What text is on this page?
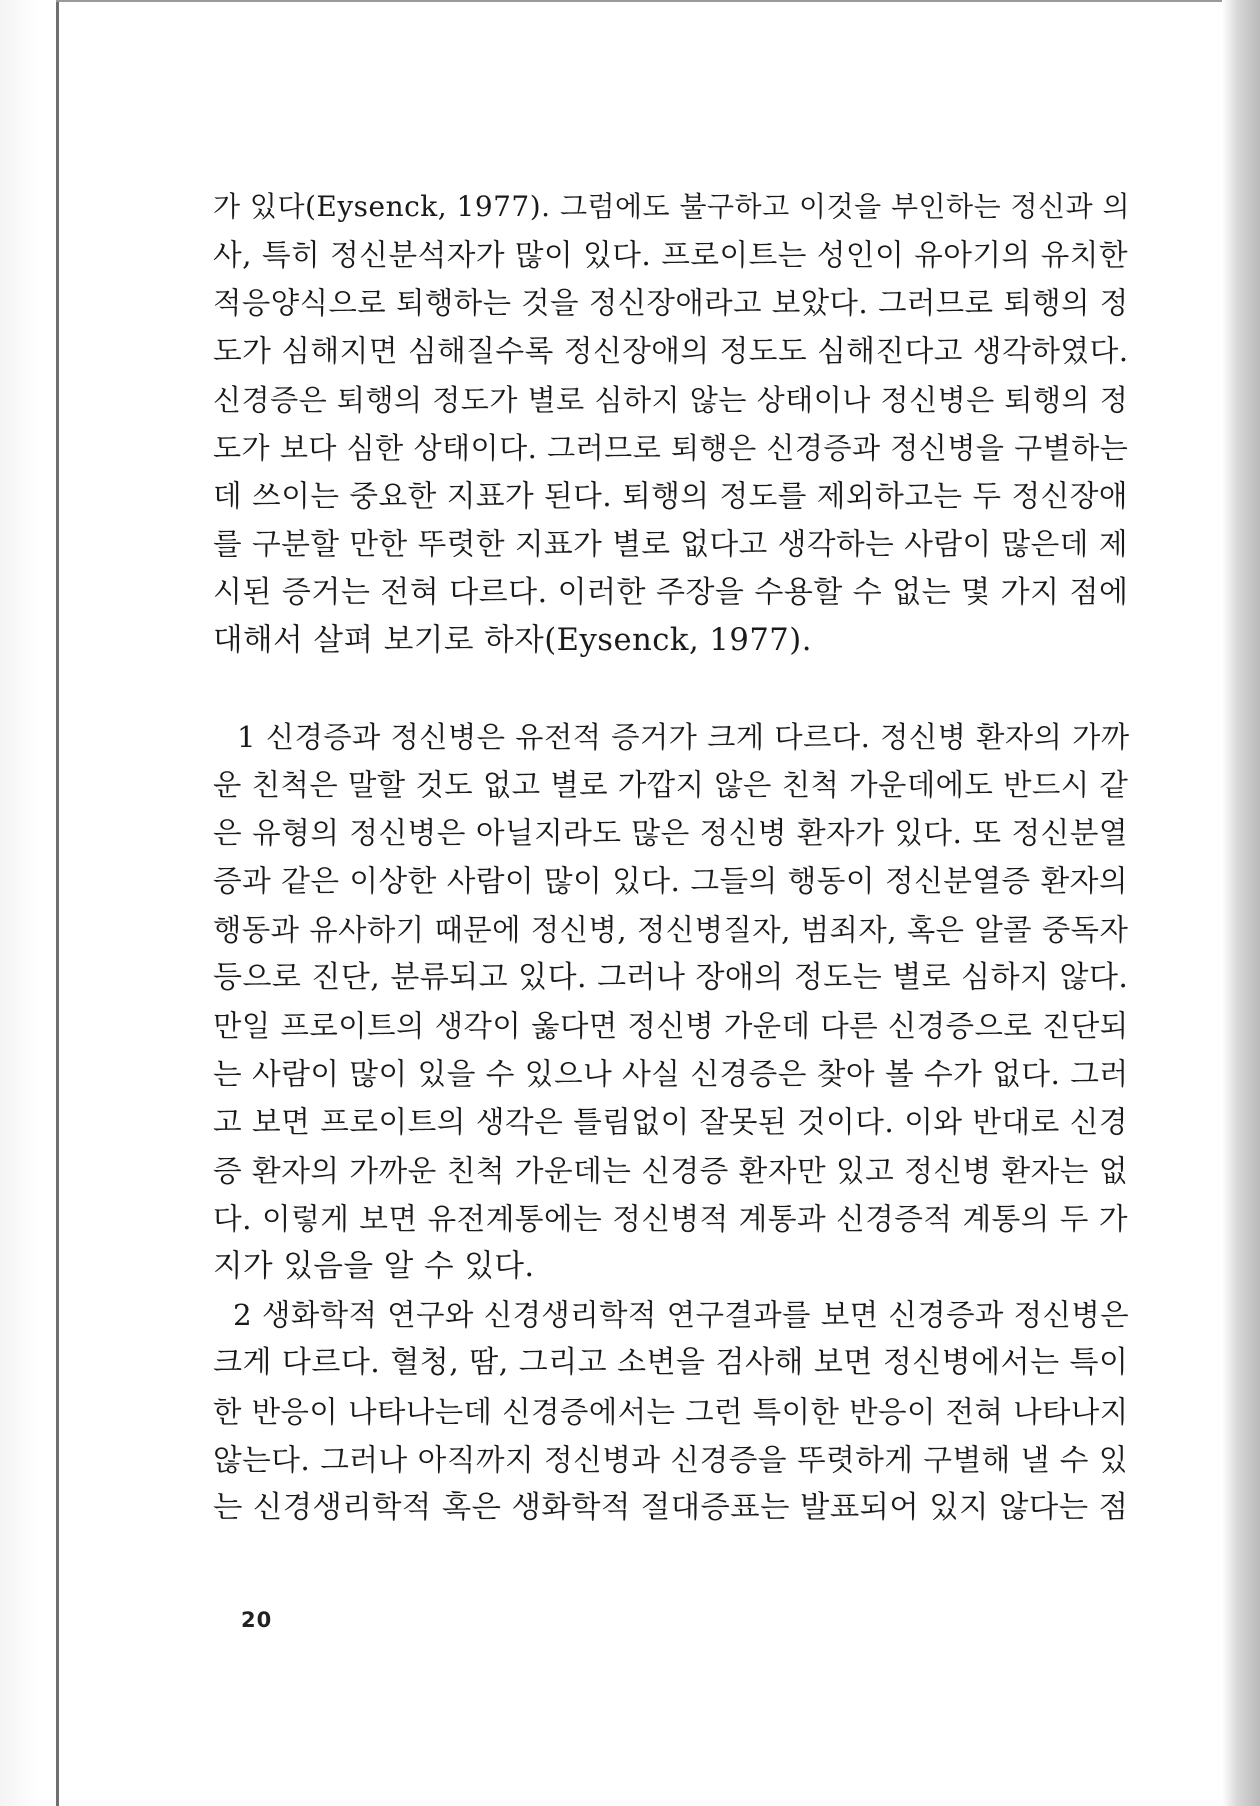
가 있다(Eysenck, 1977). 그럼에도 불구하고 이것을 부인하는 정신과 의
사, 특히 정신분석자가 많이 있다. 프로이트는 성인이 유아기의 유치한
적응양식으로 퇴행하는 것을 정신장애라고 보았다. 그러므로 퇴행의 정
도가 심해지면 심해질수록 정신장애의 정도도 심해진다고 생각하였다.
신경증은 퇴행의 정도가 별로 심하지 않는 상태이나 정신병은 퇴행의 정
도가 보다 심한 상태이다. 그러므로 퇴행은 신경증과 정신병을 구별하는
데 쓰이는 중요한 지표가 된다. 퇴행의 정도를 제외하고는 두 정신장애
를 구분할 만한 뚜렷한 지표가 별로 없다고 생각하는 사람이 많은데 제
시된 증거는 전혀 다르다. 이러한 주장을 수용할 수 없는 몇 가지 점에
대해서 살펴 보기로 하자(Eysenck, 1977).
1 신경증과 정신병은 유전적 증거가 크게 다르다. 정신병 환자의 가까
운 친척은 말할 것도 없고 별로 가깝지 않은 친척 가운데에도 반드시 같
은 유형의 정신병은 아닐지라도 많은 정신병 환자가 있다. 또 정신분열
증과 같은 이상한 사람이 많이 있다. 그들의 행동이 정신분열증 환자의
행동과 유사하기 때문에 정신병, 정신병질자, 범죄자, 혹은 알콜 중독자
등으로 진단, 분류되고 있다. 그러나 장애의 정도는 별로 심하지 않다.
만일 프로이트의 생각이 옳다면 정신병 가운데 다른 신경증으로 진단되
는 사람이 많이 있을 수 있으나 사실 신경증은 찾아 볼 수가 없다. 그러
고 보면 프로이트의 생각은 틀림없이 잘못된 것이다. 이와 반대로 신경
증 환자의 가까운 친척 가운데는 신경증 환자만 있고 정신병 환자는 없
다. 이렇게 보면 유전계통에는 정신병적 계통과 신경증적 계통의 두 가
지가 있음을 알 수 있다.
2 생화학적 연구와 신경생리학적 연구결과를 보면 신경증과 정신병은
크게 다르다. 혈청, 땀, 그리고 소변을 검사해 보면 정신병에서는 특이
한 반응이 나타나는데 신경증에서는 그런 특이한 반응이 전혀 나타나지
않는다. 그러나 아직까지 정신병과 신경증을 뚜렷하게 구별해 낼 수 있
는 신경생리학적 혹은 생화학적 절대증표는 발표되어 있지 않다는 점
20
